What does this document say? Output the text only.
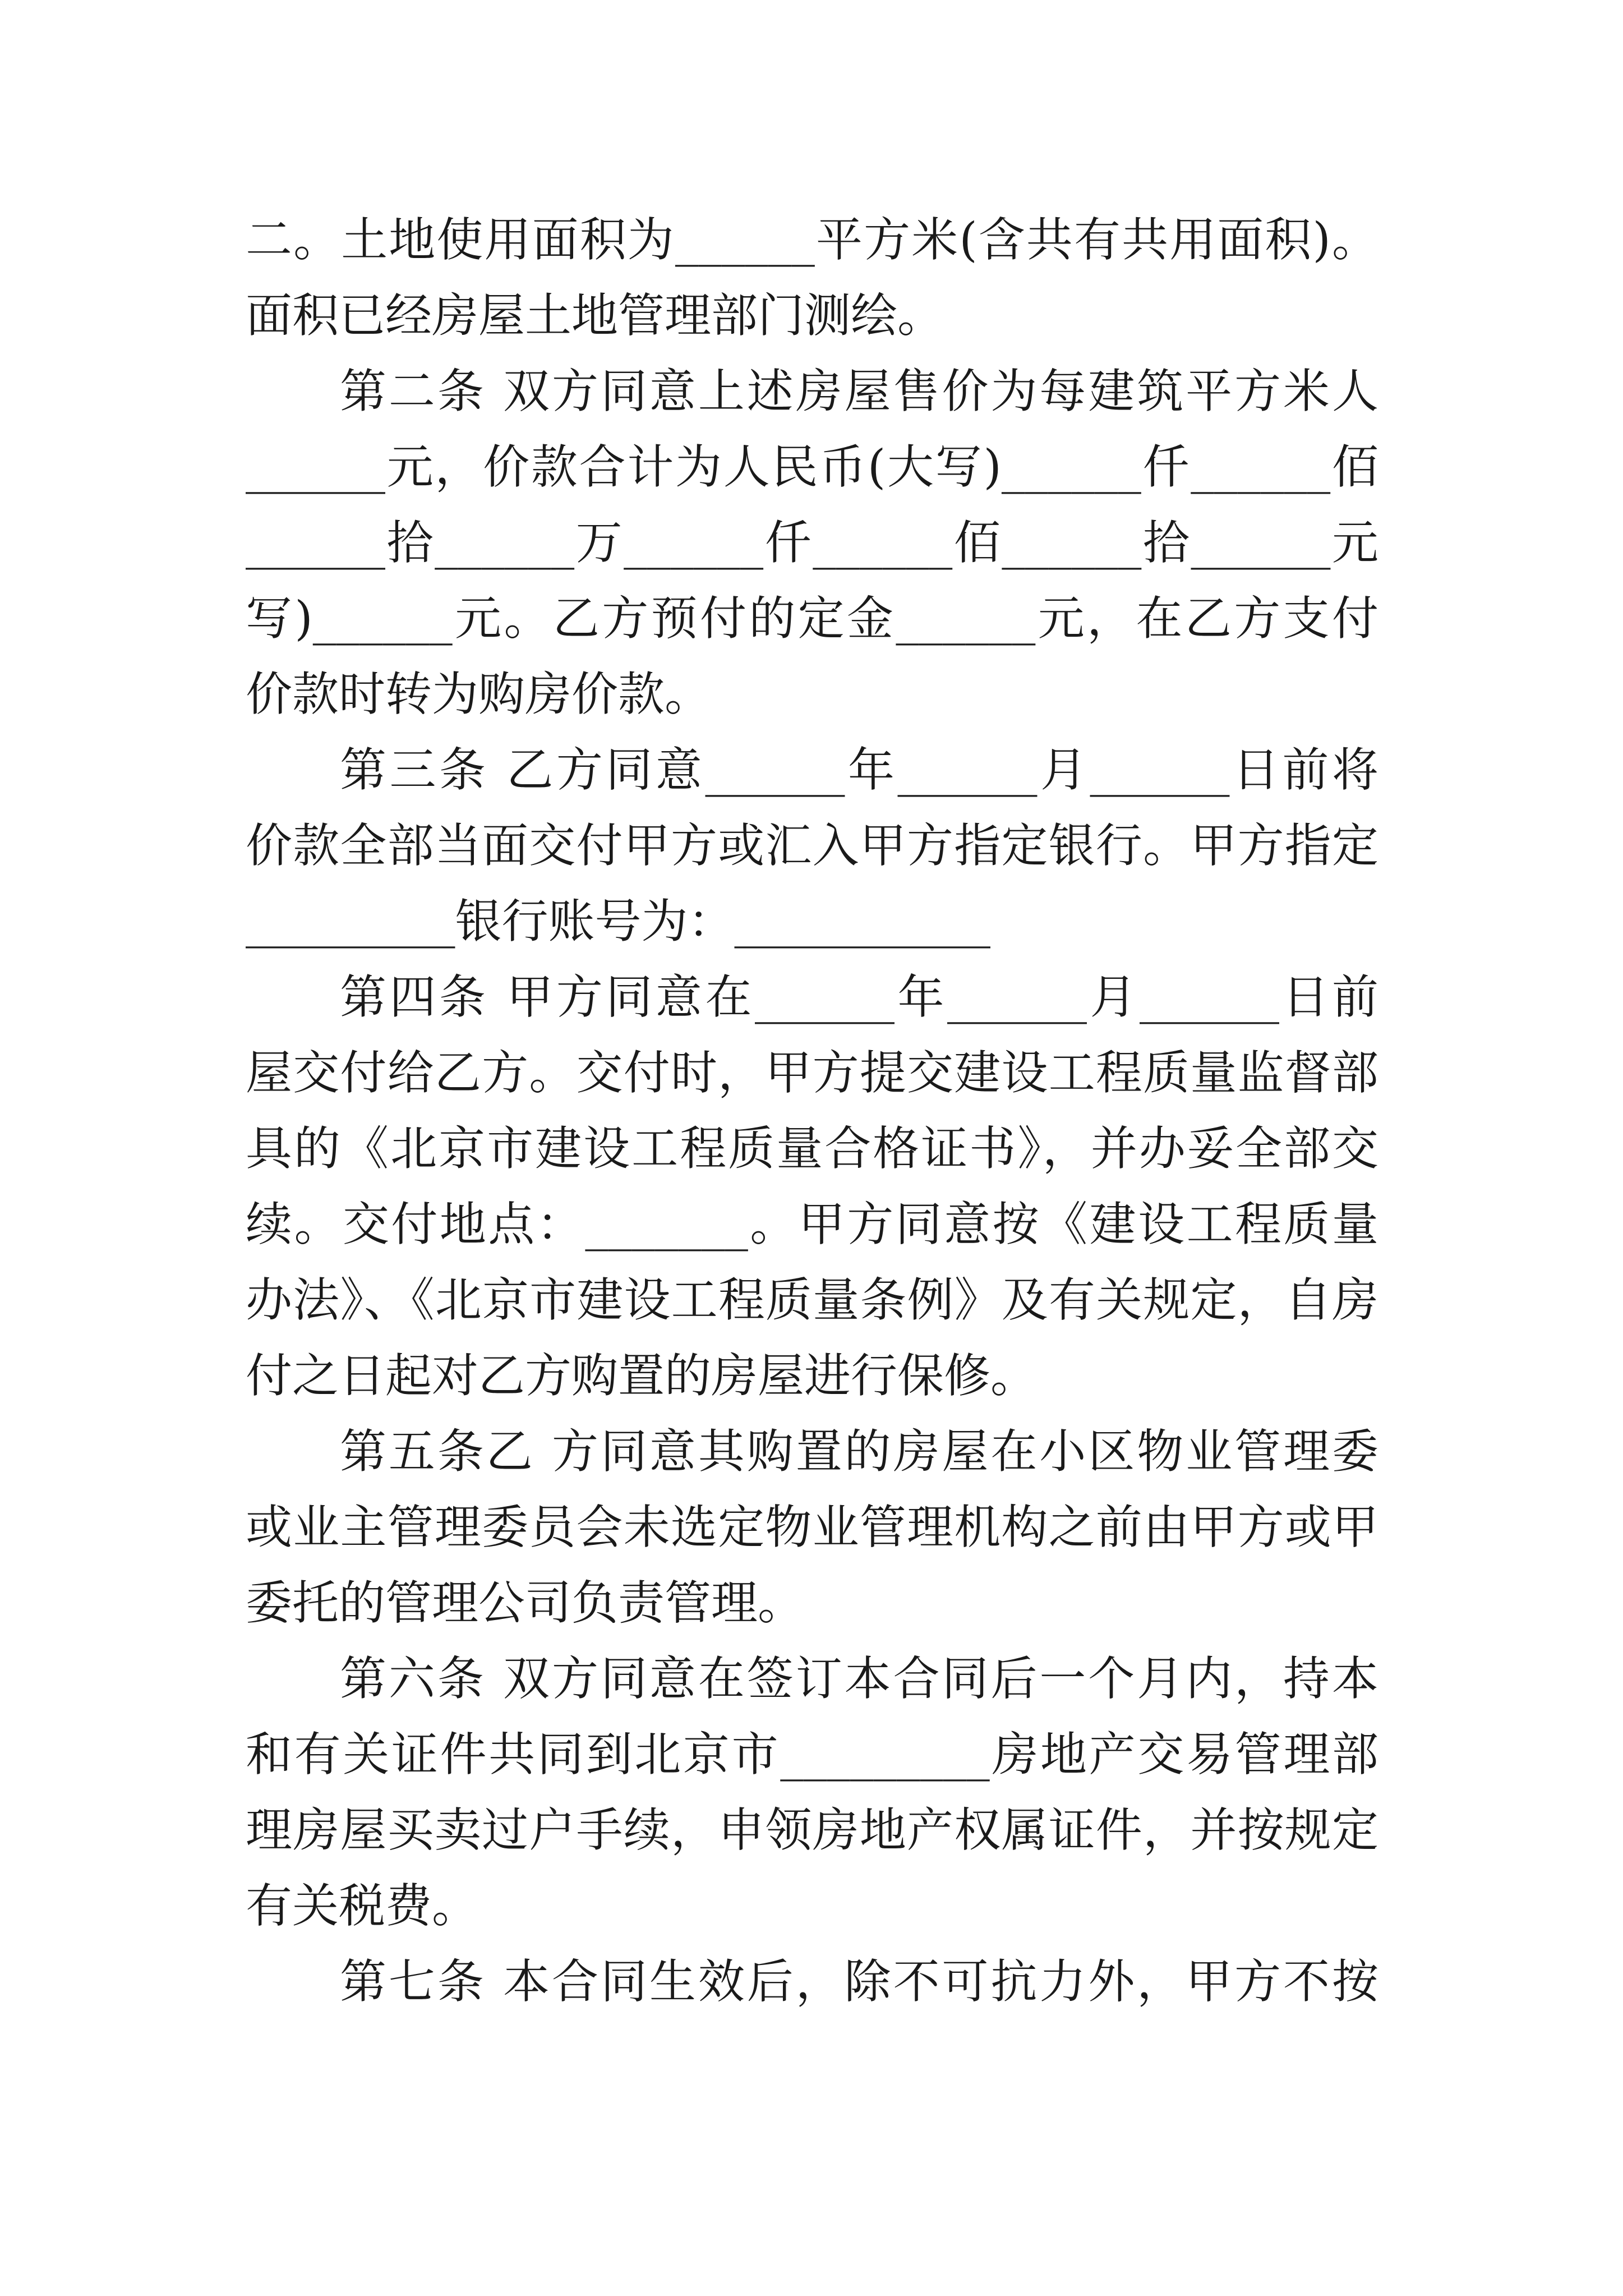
二。土地使用面积为______平方米(含共有共用面积)。
面积已经房屋土地管理部门测绘。
第二条 双方同意上述房屋售价为每建筑平方米人
______元，价款合计为人民币(大写)______仟______佰
______拾______万______仟______佰______拾______元
写)______元。乙方预付的定金______元，在乙方支付
价款时转为购房价款。
第三条 乙方同意______年______月______日前将
价款全部当面交付甲方或汇入甲方指定银行。甲方指定
_________银行账号为：___________
第四条 甲方同意在______年______月______日前
屋交付给乙方。交付时，甲方提交建设工程质量监督部
具的《北京市建设工程质量合格证书》，并办妥全部交
续。交付地点：_______。甲方同意按《建设工程质量
办法》、《北京市建设工程质量条例》及有关规定，自房
付之日起对乙方购置的房屋进行保修。
第五条乙 方同意其购置的房屋在小区物业管理委
或业主管理委员会未选定物业管理机构之前由甲方或甲
委托的管理公司负责管理。
第六条 双方同意在签订本合同后一个月内，持本
和有关证件共同到北京市_________房地产交易管理部
理房屋买卖过户手续，申领房地产权属证件，并按规定
有关税费。
第七条 本合同生效后，除不可抗力外，甲方不按
